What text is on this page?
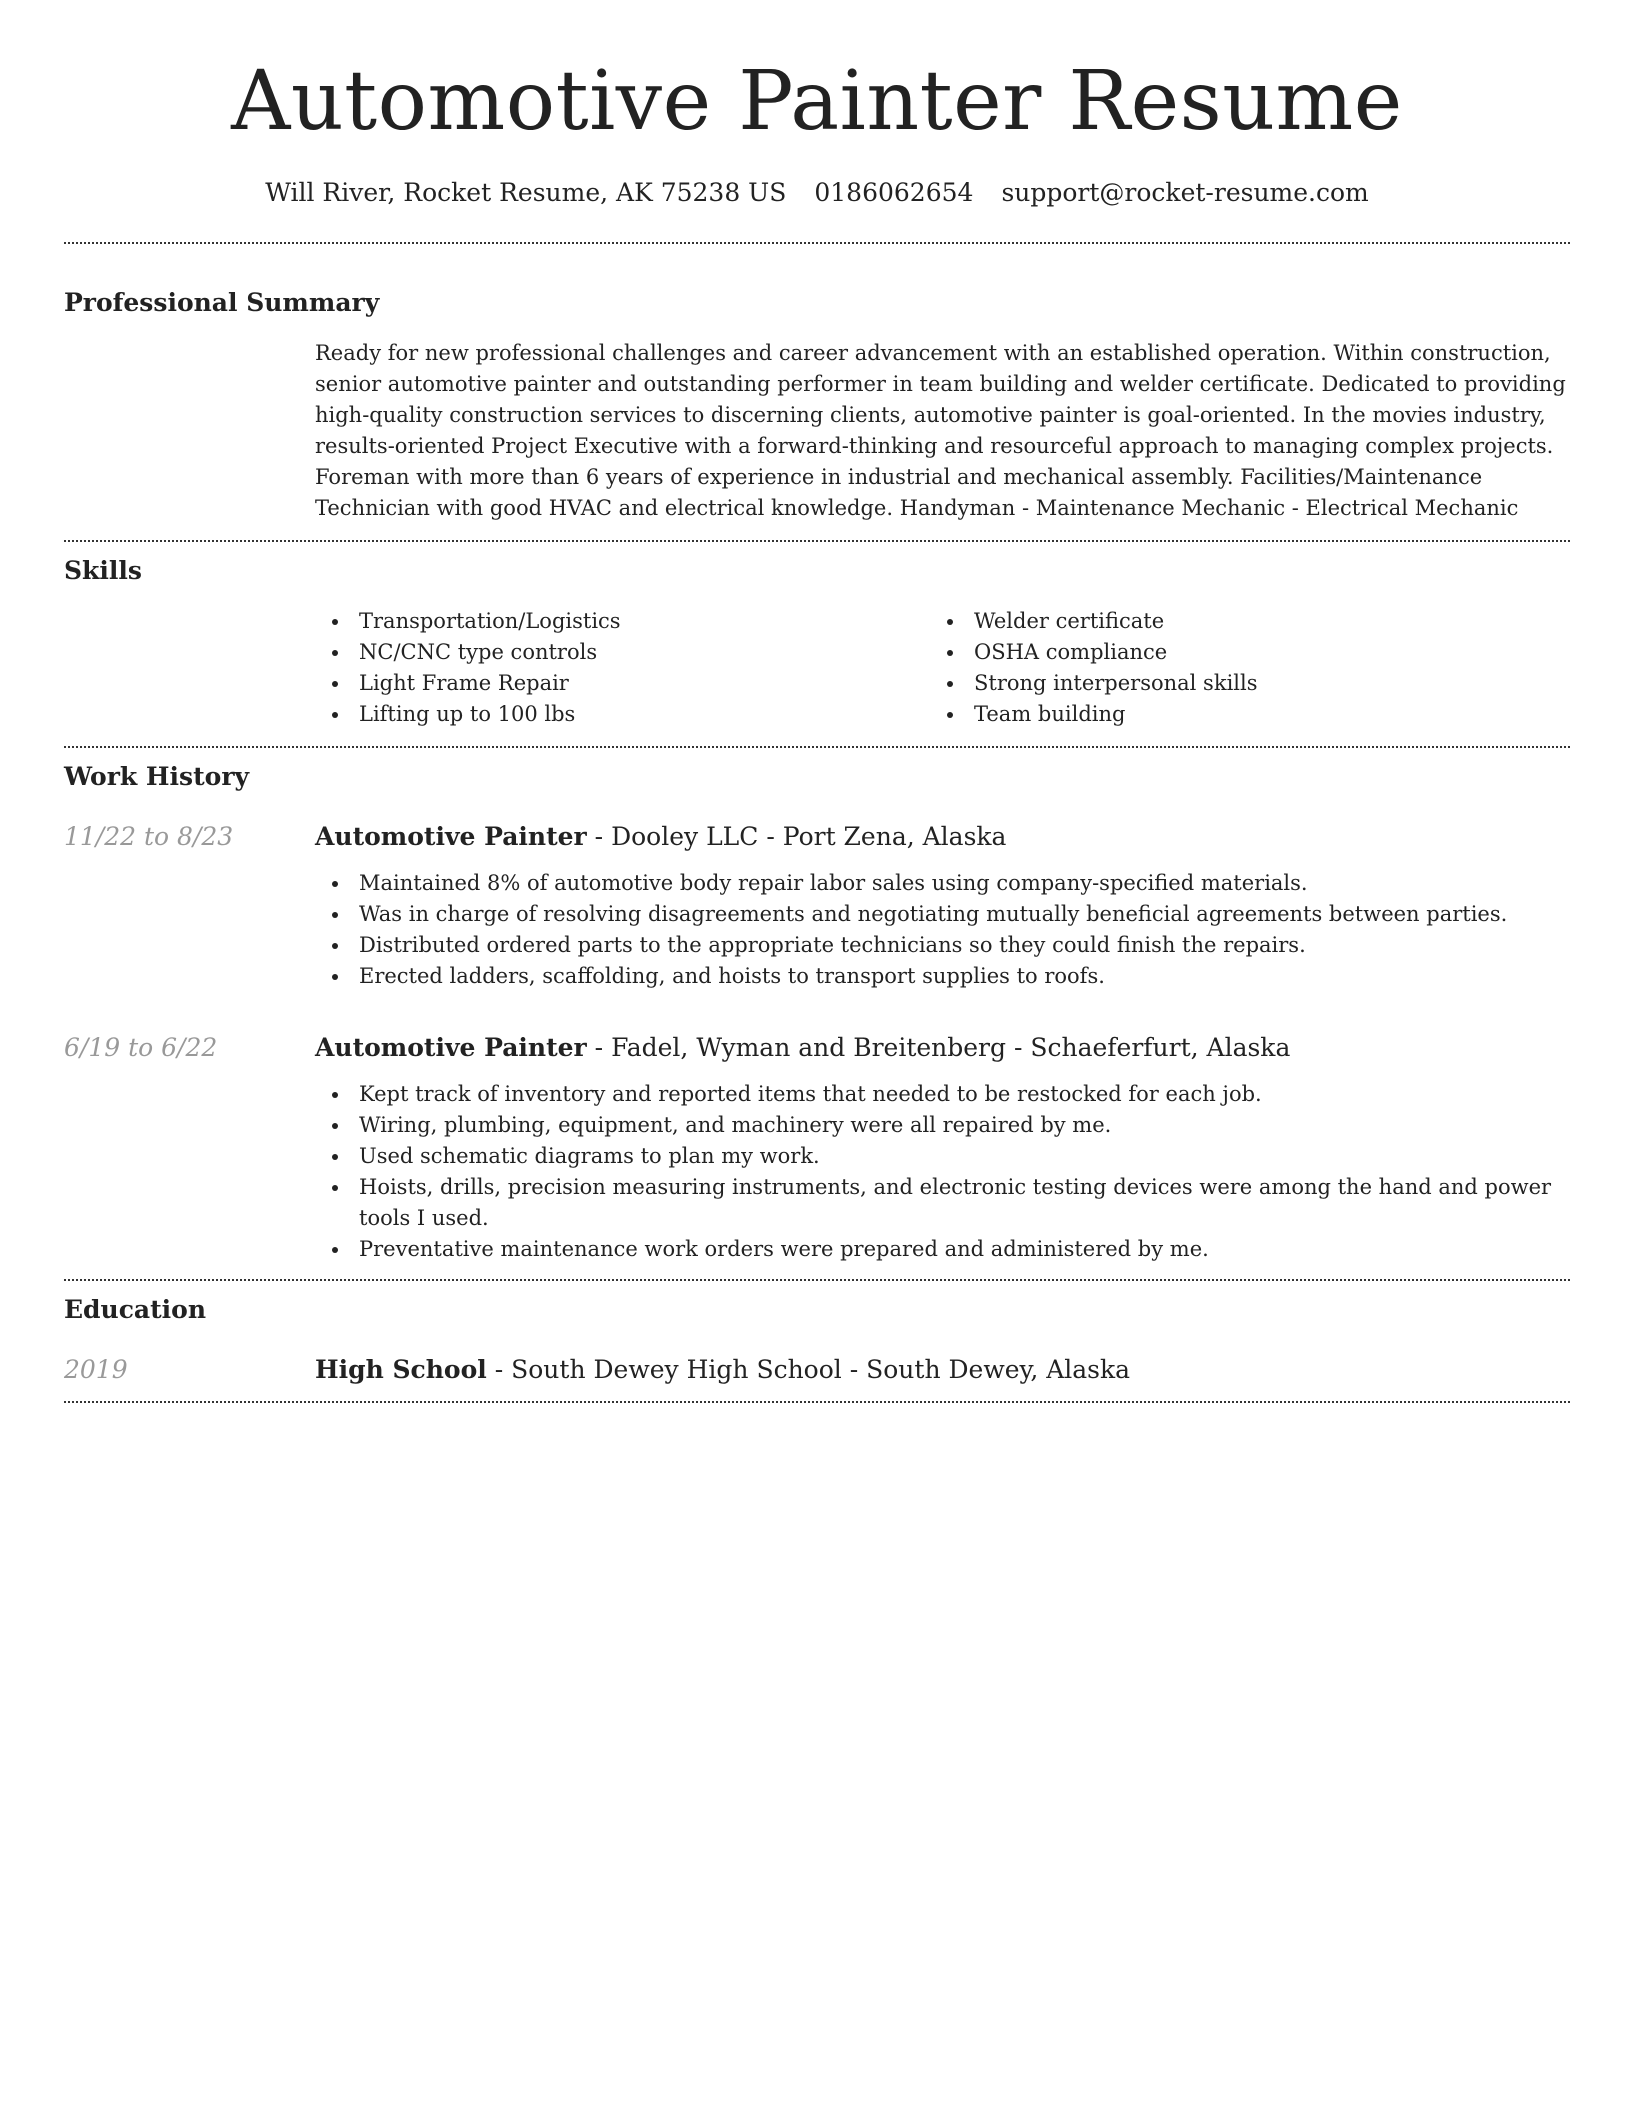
Automotive Painter Resume
Will River, Rocket Resume, AK 75238 US 0186062654 support@rocket-resume.com
Professional Summary

Ready for new professional challenges and career advancement with an established operation. Within construction, senior automotive painter and outstanding performer in team building and welder certificate. Dedicated to providing high-quality construction services to discerning clients, automotive painter is goal-oriented. In the movies industry, results-oriented Project Executive with a forward-thinking and resourceful approach to managing complex projects. Foreman with more than 6 years of experience in industrial and mechanical assembly. Facilities/Maintenance Technician with good HVAC and electrical knowledge. Handyman - Maintenance Mechanic - Electrical Mechanic

Skills
Transportation/Logistics
NC/CNC type controls
Light Frame Repair
Lifting up to 100 lbs
Welder certificate
OSHA compliance
Strong interpersonal skills
Team building
Work History
11/22 to 8/23	Automotive Painter - Dooley LLC - Port Zena, Alaska
Maintained 8% of automotive body repair labor sales using company-specified materials.
Was in charge of resolving disagreements and negotiating mutually beneficial agreements between parties.
Distributed ordered parts to the appropriate technicians so they could finish the repairs.
Erected ladders, scaffolding, and hoists to transport supplies to roofs.
6/19 to 6/22	Automotive Painter - Fadel, Wyman and Breitenberg - Schaeferfurt, Alaska
Kept track of inventory and reported items that needed to be restocked for each job.
Wiring, plumbing, equipment, and machinery were all repaired by me.
Used schematic diagrams to plan my work.
Hoists, drills, precision measuring instruments, and electronic testing devices were among the hand and power tools I used.
Preventative maintenance work orders were prepared and administered by me.
Education
2019	High School - South Dewey High School - South Dewey, Alaska
